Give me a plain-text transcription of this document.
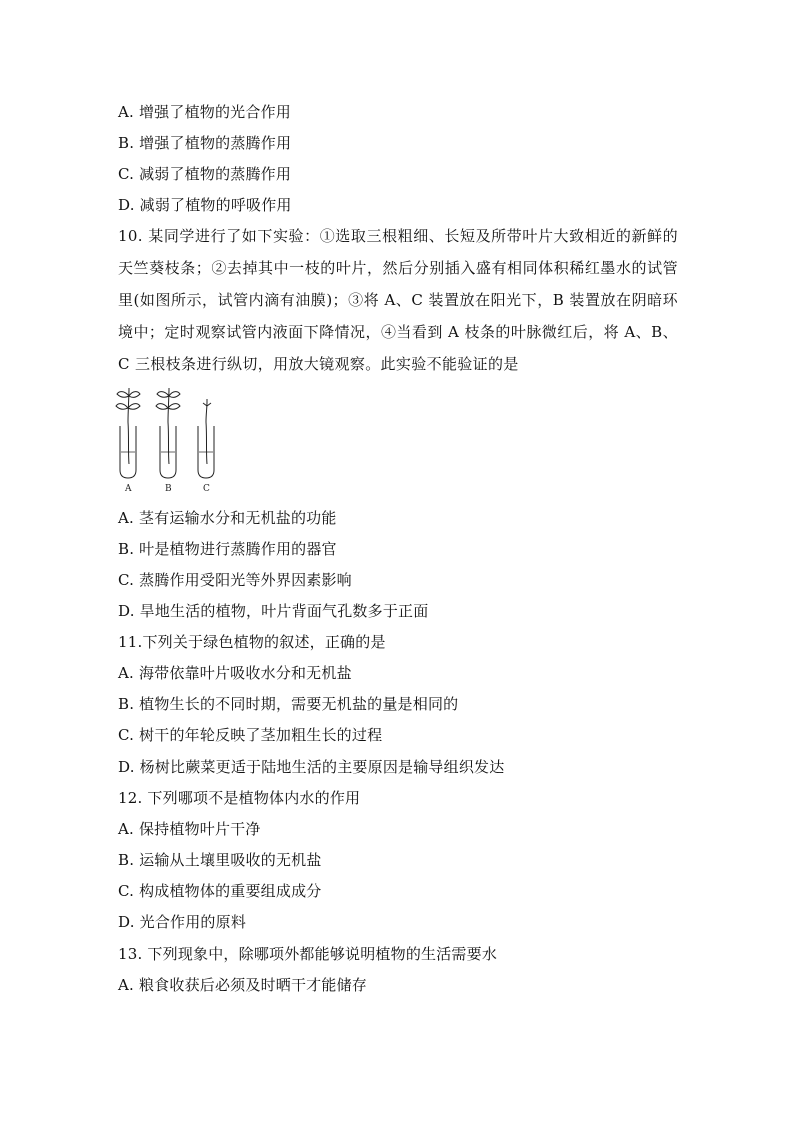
A. 增强了植物的光合作用
B. 增强了植物的蒸腾作用
C. 减弱了植物的蒸腾作用
D. 减弱了植物的呼吸作用
10. 某同学进行了如下实验：①选取三根粗细、长短及所带叶片大致相近的新鲜的天竺葵枝条；②去掉其中一枝的叶片，然后分别插入盛有相同体积稀红墨水的试管里(如图所示，试管内滴有油膜)；③将 A、C 装置放在阳光下，B 装置放在阴暗环境中；定时观察试管内液面下降情况，④当看到 A 枝条的叶脉微红后，将 A、B、C 三根枝条进行纵切，用放大镜观察。此实验不能验证的是
A	B	C
A. 茎有运输水分和无机盐的功能
B. 叶是植物进行蒸腾作用的器官
C. 蒸腾作用受阳光等外界因素影响
D. 旱地生活的植物，叶片背面气孔数多于正面
11.下列关于绿色植物的叙述，正确的是
A. 海带依靠叶片吸收水分和无机盐
B. 植物生长的不同时期，需要无机盐的量是相同的
C. 树干的年轮反映了茎加粗生长的过程
D. 杨树比蕨菜更适于陆地生活的主要原因是输导组织发达
12. 下列哪项不是植物体内水的作用
A. 保持植物叶片干净
B. 运输从土壤里吸收的无机盐
C. 构成植物体的重要组成成分
D. 光合作用的原料
13. 下列现象中，除哪项外都能够说明植物的生活需要水
A. 粮食收获后必须及时晒干才能储存
